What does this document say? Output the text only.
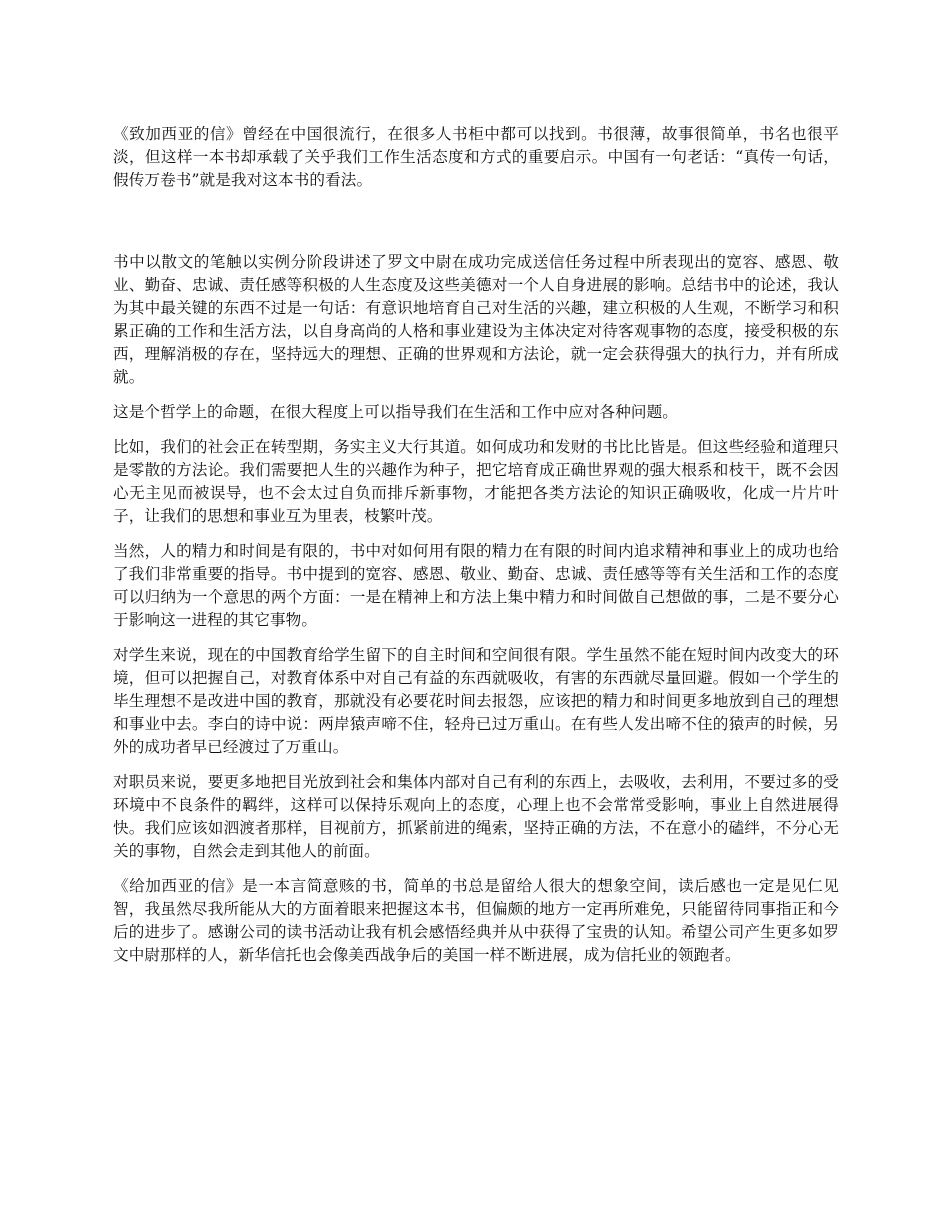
《致加西亚的信》曾经在中国很流行，在很多人书柜中都可以找到。书很薄，故事很简单，书名也很平淡，但这样一本书却承载了关乎我们工作生活态度和方式的重要启示。中国有一句老话：“真传一句话，假传万卷书”就是我对这本书的看法。

书中以散文的笔触以实例分阶段讲述了罗文中尉在成功完成送信任务过程中所表现出的宽容、感恩、敬业、勤奋、忠诚、责任感等积极的人生态度及这些美德对一个人自身进展的影响。总结书中的论述，我认为其中最关键的东西不过是一句话：有意识地培育自己对生活的兴趣，建立积极的人生观，不断学习和积累正确的工作和生活方法，以自身高尚的人格和事业建设为主体决定对待客观事物的态度，接受积极的东西，理解消极的存在，坚持远大的理想、正确的世界观和方法论，就一定会获得强大的执行力，并有所成就。

这是个哲学上的命题，在很大程度上可以指导我们在生活和工作中应对各种问题。

比如，我们的社会正在转型期，务实主义大行其道。如何成功和发财的书比比皆是。但这些经验和道理只是零散的方法论。我们需要把人生的兴趣作为种子，把它培育成正确世界观的强大根系和枝干，既不会因心无主见而被误导，也不会太过自负而排斥新事物，才能把各类方法论的知识正确吸收，化成一片片叶子，让我们的思想和事业互为里表，枝繁叶茂。

当然，人的精力和时间是有限的，书中对如何用有限的精力在有限的时间内追求精神和事业上的成功也给了我们非常重要的指导。书中提到的宽容、感恩、敬业、勤奋、忠诚、责任感等等有关生活和工作的态度可以归纳为一个意思的两个方面：一是在精神上和方法上集中精力和时间做自己想做的事，二是不要分心于影响这一进程的其它事物。

对学生来说，现在的中国教育给学生留下的自主时间和空间很有限。学生虽然不能在短时间内改变大的环境，但可以把握自己，对教育体系中对自己有益的东西就吸收，有害的东西就尽量回避。假如一个学生的毕生理想不是改进中国的教育，那就没有必要花时间去报怨，应该把的精力和时间更多地放到自己的理想和事业中去。李白的诗中说：两岸猿声啼不住，轻舟已过万重山。在有些人发出啼不住的猿声的时候，另外的成功者早已经渡过了万重山。

对职员来说，要更多地把目光放到社会和集体内部对自己有利的东西上，去吸收，去利用，不要过多的受环境中不良条件的羁绊，这样可以保持乐观向上的态度，心理上也不会常常受影响，事业上自然进展得快。我们应该如泗渡者那样，目视前方，抓紧前进的绳索，坚持正确的方法，不在意小的磕绊，不分心无关的事物，自然会走到其他人的前面。

《给加西亚的信》是一本言简意赅的书，简单的书总是留给人很大的想象空间，读后感也一定是见仁见智，我虽然尽我所能从大的方面着眼来把握这本书，但偏颇的地方一定再所难免，只能留待同事指正和今后的进步了。感谢公司的读书活动让我有机会感悟经典并从中获得了宝贵的认知。希望公司产生更多如罗文中尉那样的人，新华信托也会像美西战争后的美国一样不断进展，成为信托业的领跑者。
